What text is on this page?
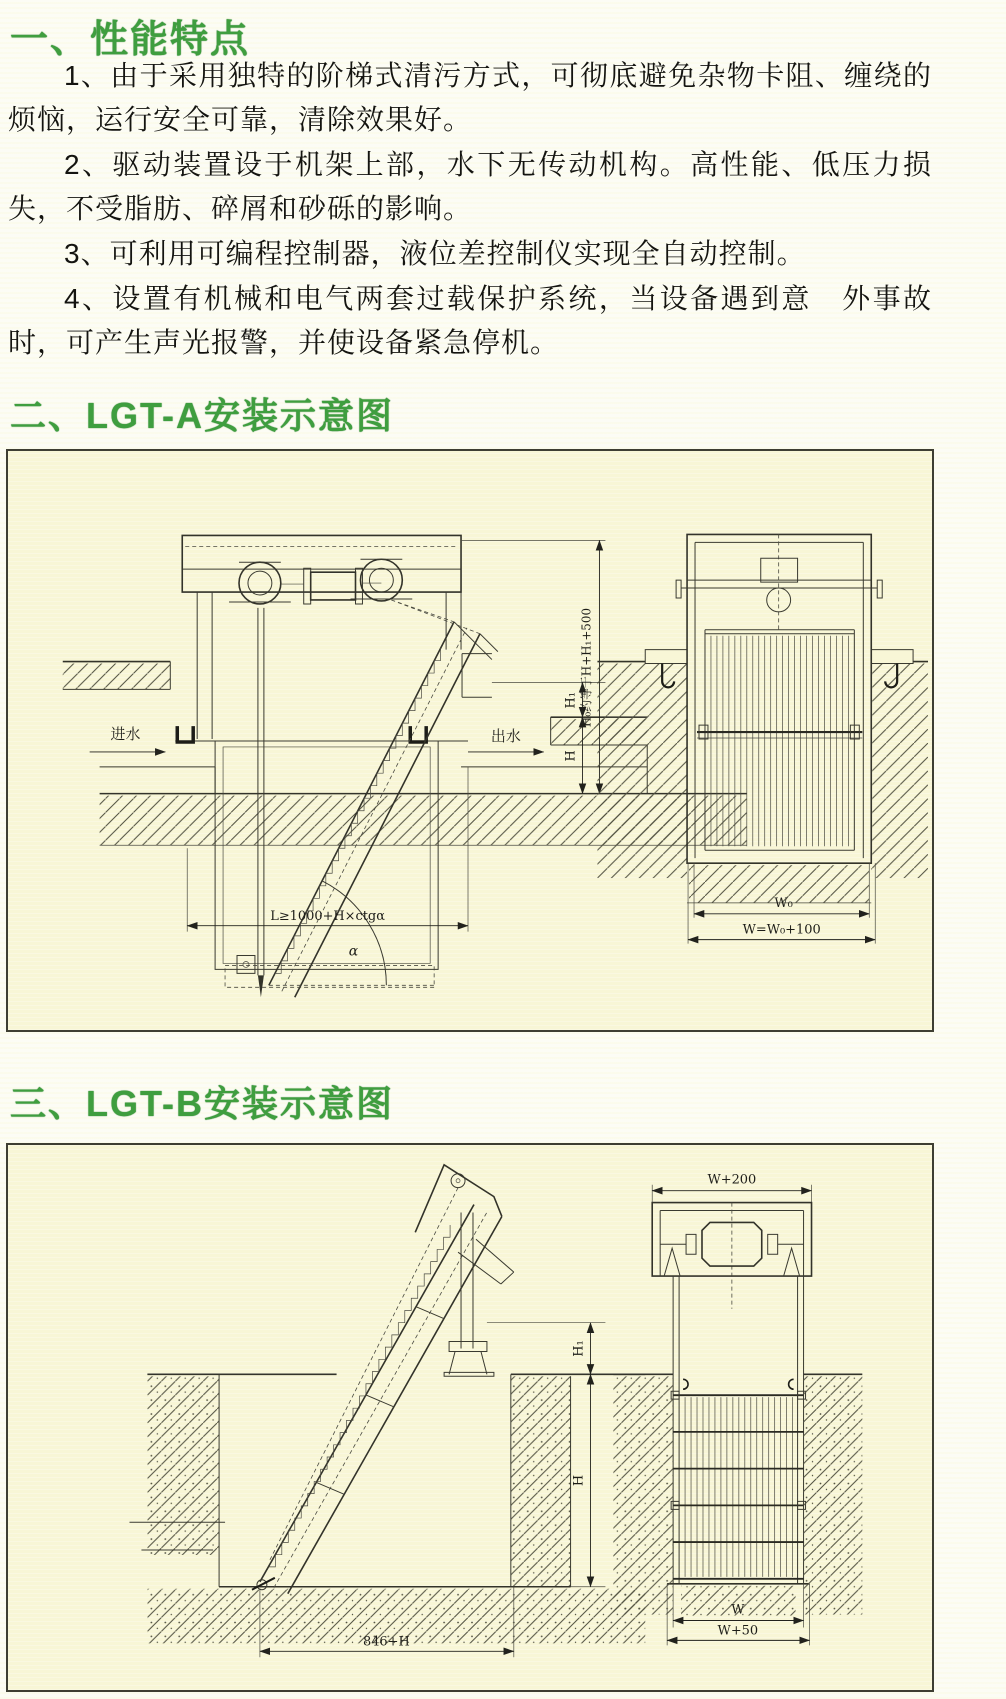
一、性能特点

1、由于采用独特的阶梯式清污方式，可彻底避免杂物卡阻、缠绕的烦恼，运行安全可靠，清除效果好。

2、驱动装置设于机架上部，水下无传动机构。高性能、低压力损失，不受脂肪、碎屑和砂砾的影响。

3、可利用可编程控制器，液位差控制仪实现全自动控制。

4、设置有机械和电气两套过载保护系统，当设备遇到意　外事故时，可产生声光报警，并使设备紧急停机。

二、LGT-A安装示意图
α
进水	出水
H₁
H
H₀约等于H+H₁+500
L≥1000+H×ctgα
W₀
W=W₀+100
三、LGT-B安装示意图
H₁
H
846+H
W+200
W
W+50
